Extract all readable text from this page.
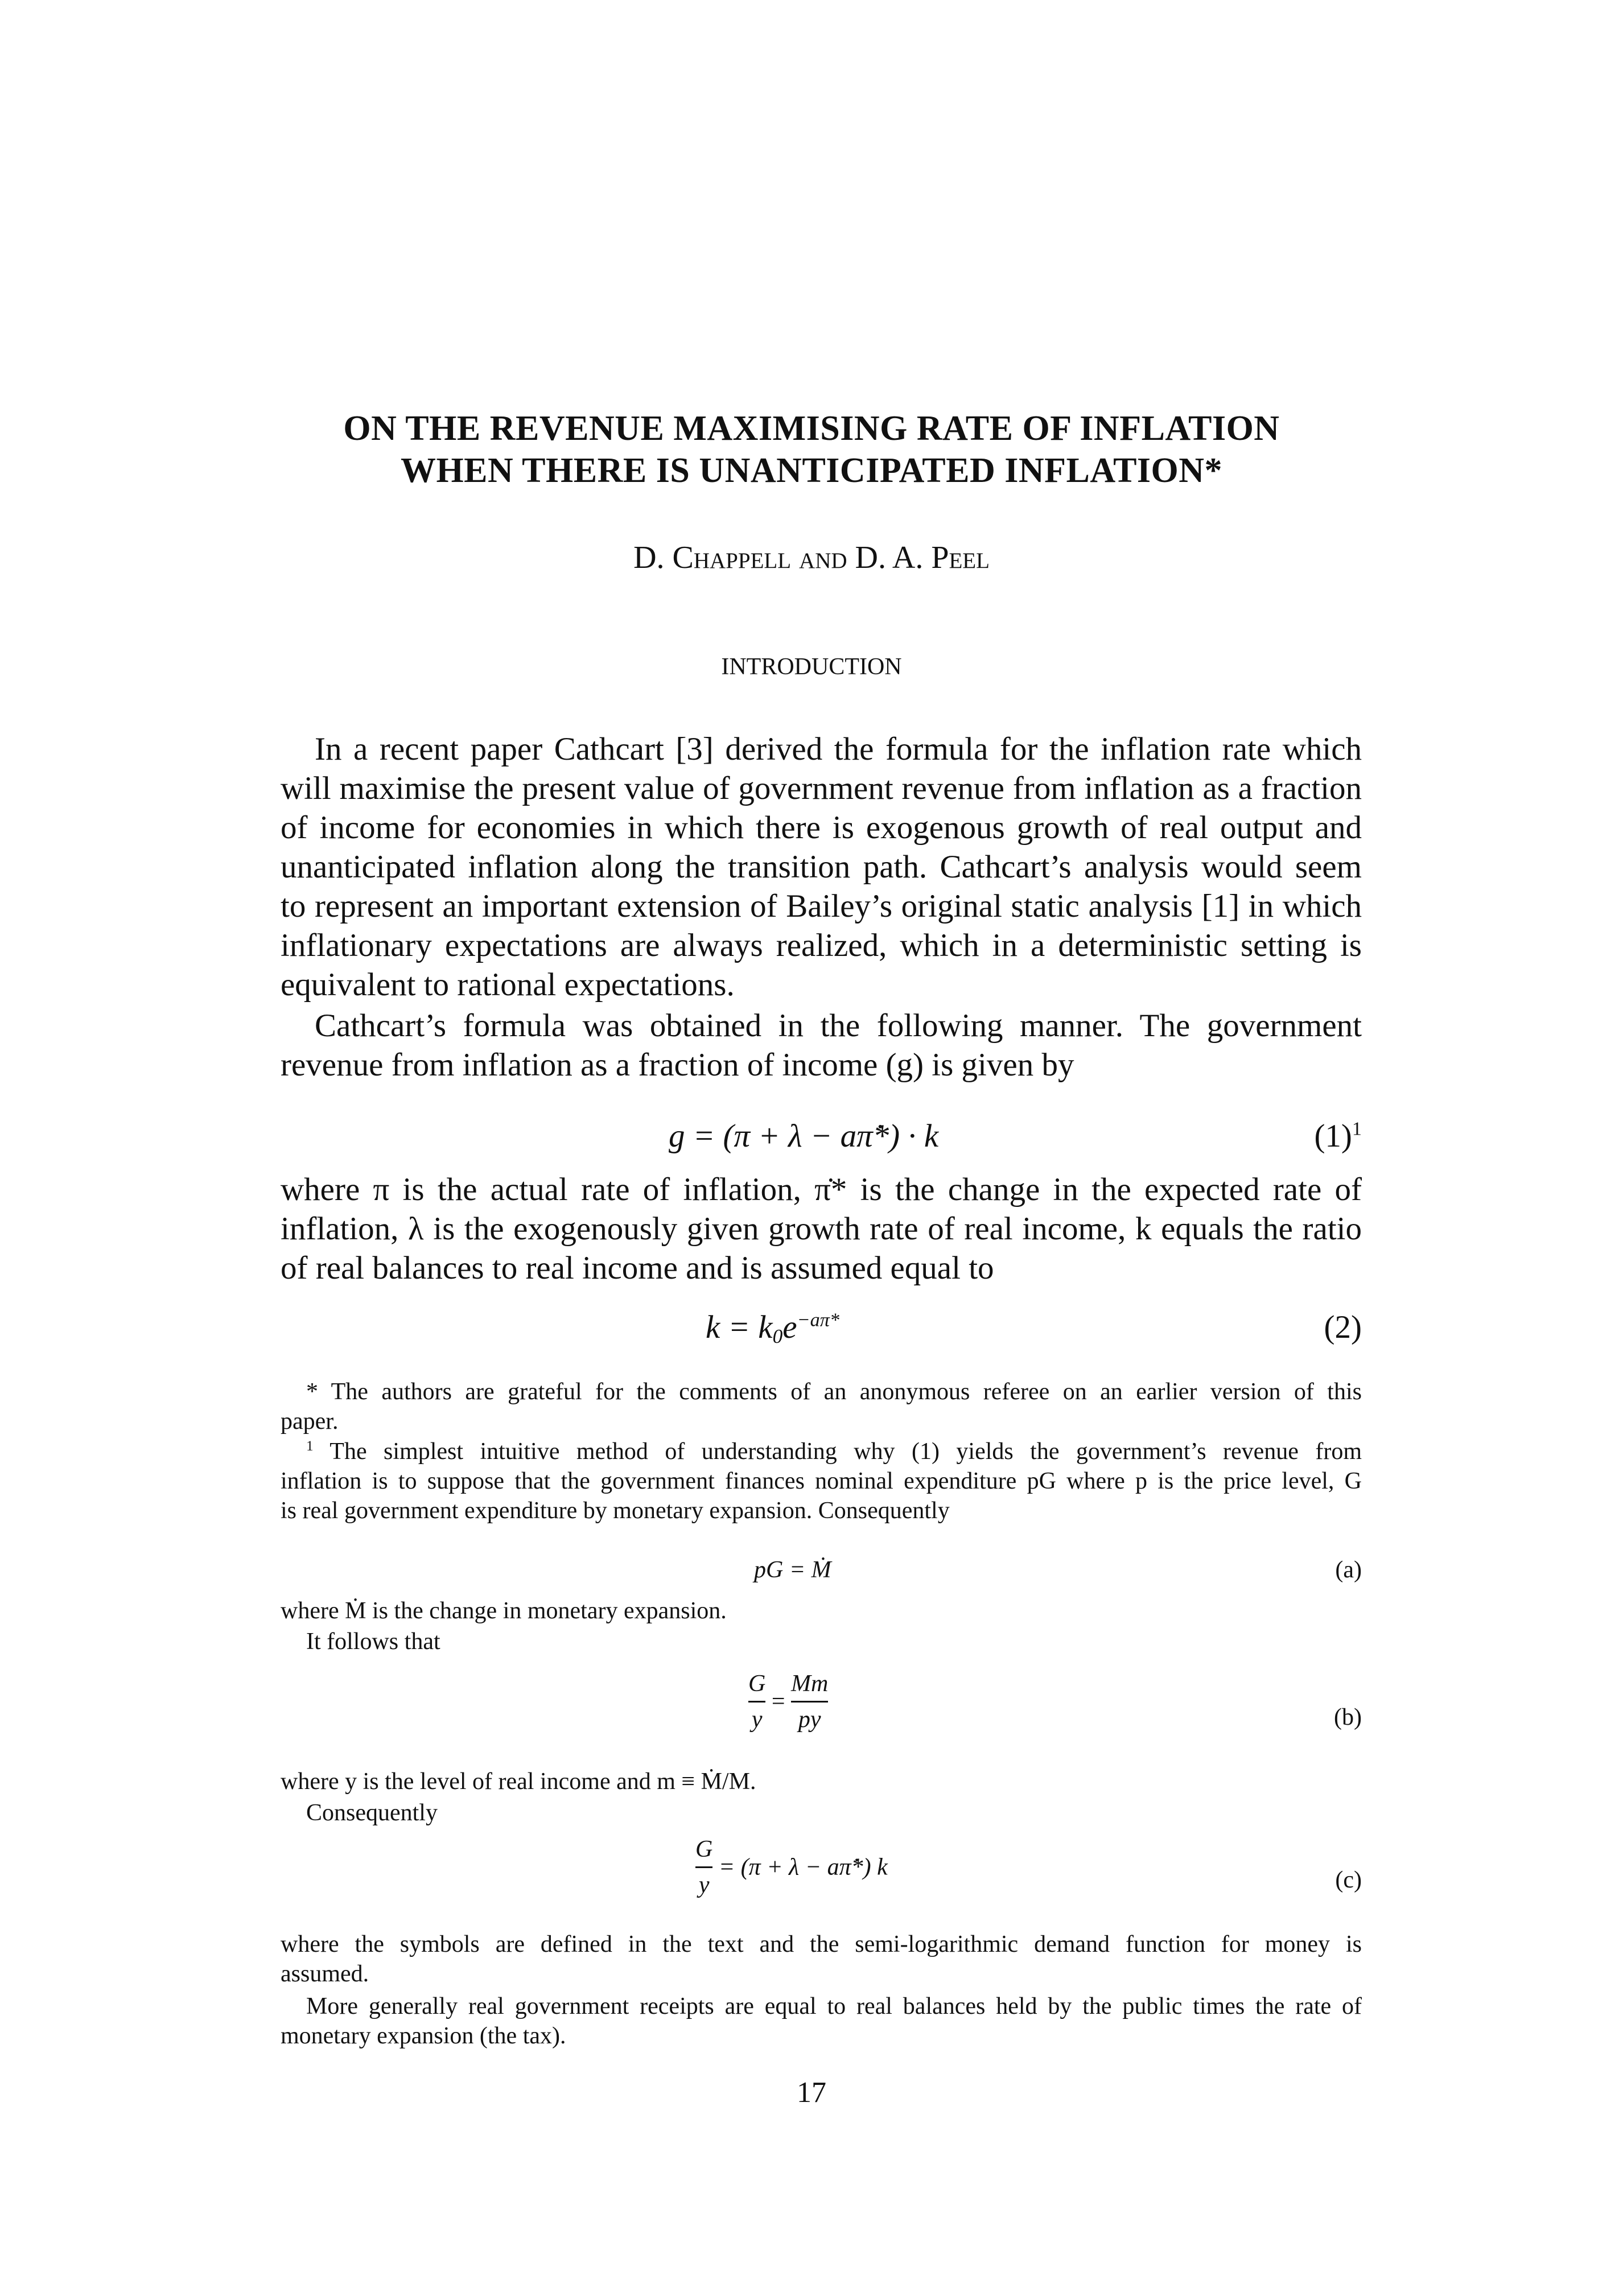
ON THE REVENUE MAXIMISING RATE OF INFLATION
WHEN THERE IS UNANTICIPATED INFLATION*
D. Chappell and D. A. Peel
INTRODUCTION
In a recent paper Cathcart [3] derived the formula for the inflation rate which
will maximise the present value of government revenue from inflation as a fraction
of income for economies in which there is exogenous growth of real output and
unanticipated inflation along the transition path. Cathcart’s analysis would seem
to represent an important extension of Bailey’s original static analysis [1] in which
inflationary expectations are always realized, which in a deterministic setting is
equivalent to rational expectations.
Cathcart’s formula was obtained in the following manner. The government
revenue from inflation as a fraction of income (g) is given by
g = (π + λ − aπ̇*) · k	$(1)^1$
where π is the actual rate of inflation, π̇* is the change in the expected rate of
inflation, λ is the exogenously given growth rate of real income, k equals the ratio
of real balances to real income and is assumed equal to
$k = k_0e^{-a\pi*}$	(2)
* The authors are grateful for the comments of an anonymous referee on an earlier version of this
paper.
$^1$ The simplest intuitive method of understanding why (1) yields the government’s revenue from
inflation is to suppose that the government finances nominal expenditure pG where p is the price level, G
is real government expenditure by monetary expansion. Consequently
pG = Ṁ	(a)
where Ṁ is the change in monetary expansion.
It follows that
$\frac{G}{y} = \frac{Mm}{py}$	(b)
where y is the level of real income and m ≡ Ṁ/M.
Consequently
$\frac{G}{y} = (\pi + \lambda$ − aπ̇*) k	(c)
where the symbols are defined in the text and the semi-logarithmic demand function for money is
assumed.
More generally real government receipts are equal to real balances held by the public times the rate of
monetary expansion (the tax).
17
